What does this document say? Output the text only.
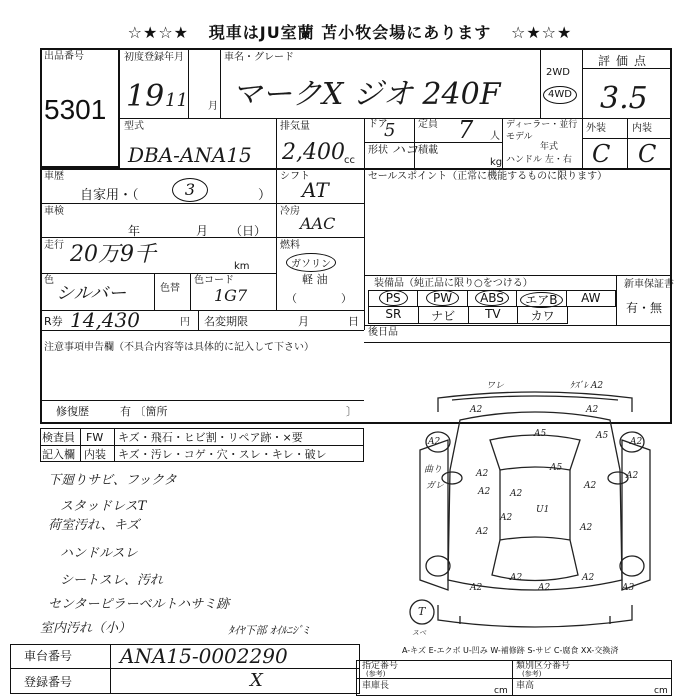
☆★☆★ 現車はJU室蘭 苫小牧会場にあります ☆★☆★
出品番号
5301
初度登録年月
19 11 月
車名・グレード
マークX ジオ 240F
2WD
4WD
評価点
3.5
型式
DBA-ANA15
排気量
2,400 cc
ドア
5
形状 ハコ
定員 7 人
積載
kg
ディーラー・並行
モデル
年式
ハンドル 左・右
外装	内装
C C
車歴
自家用・（	3	）
車検
年	月 （日）
走行 20万9千	km
色
シルバー	色替
色コード
1G7
シフト
AT
冷房
AAC
燃料
ガソリン
軽 油
（　　　　）
R券 14,430	円 名変期限	月	日
注意事項申告欄（不具合内容等は具体的に記入して下さい）
修復歴	有 〔箇所	〕
セールスポイント（正常に機能するものに限ります）
装備品（純正品に限り○をつける）	新車保証書
有・無
PS	PW	ABS	エアB	AW
SR	ナビ	TV	カワ
後日品
検査員 FW キズ・飛石・ヒビ割・リペア跡・×要
記入欄 内装 キズ・汚レ・コゲ・穴・スレ・キレ・破レ
下廻りサビ、フックタ
スタッドレスT
荷室汚れ、キズ
ハンドルスレ
シートスレ、汚れ
センターピラーベルトハサミ跡
室内汚れ（小）	ﾀｲﾔ下部 ｵｲﾙﾆｼﾞﾐ
車台番号 ANA15-0002290
登録番号	X
A-キズ E-エクボ U-凹み W-補修跡 S-サビ C-腐食 XX-交換済
指定番号
(参考)
類別区分番号
(参考)
車庫長	cm 車高	cm
ワレ	ｹｽﾞﾚ A2
A2	A2
A5	A5
A2	A2
A2	A2
A2 A2
A2
A2
A3
U1
A2
A2
A2
A2
A2
T
スベ
曲り
ガレ
A5
A2
